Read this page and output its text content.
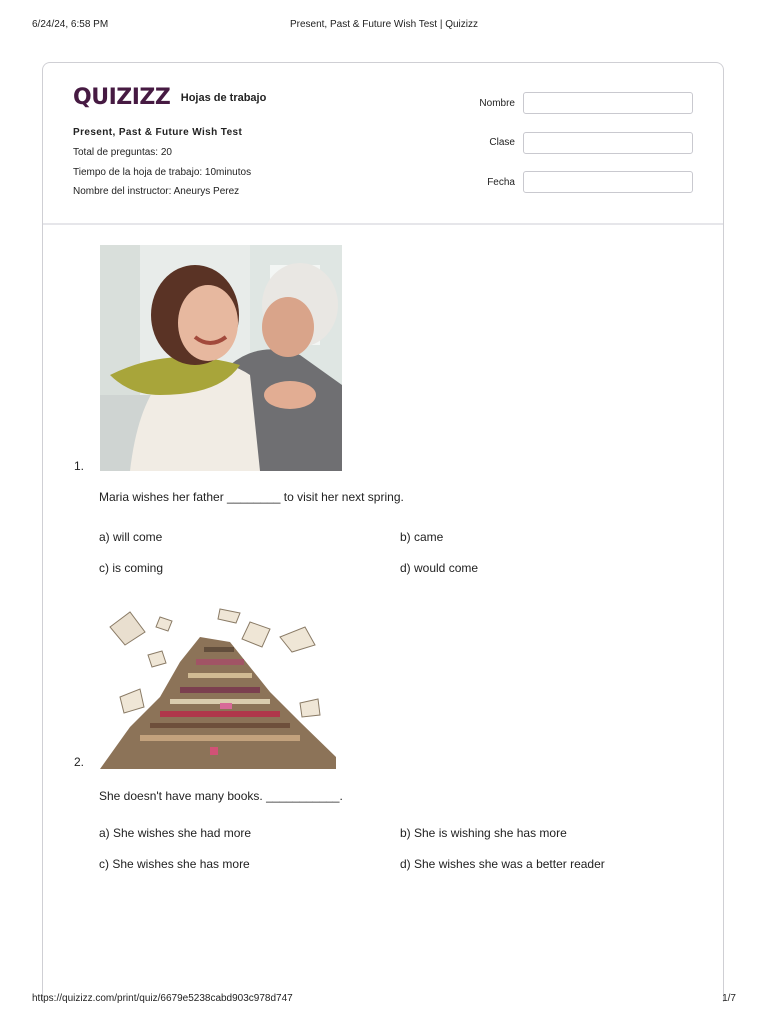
6/24/24, 6:58 PM	Present, Past & Future Wish Test | Quizizz
QUIZIZZ Hojas de trabajo
Present, Past & Future Wish Test
Total de preguntas: 20
Tiempo de la hoja de trabajo: 10minutos
Nombre del instructor: Aneurys Perez
Nombre
Clase
Fecha
1.
Maria wishes her father ________ to visit her next spring.
a) will come	b) came
c) is coming	d) would come
2.
She doesn't have many books. ___________.
a) She wishes she had more	b) She is wishing she has more
c) She wishes she has more	d) She wishes she was a better reader
https://quizizz.com/print/quiz/6679e5238cabd903c978d747	1/7
